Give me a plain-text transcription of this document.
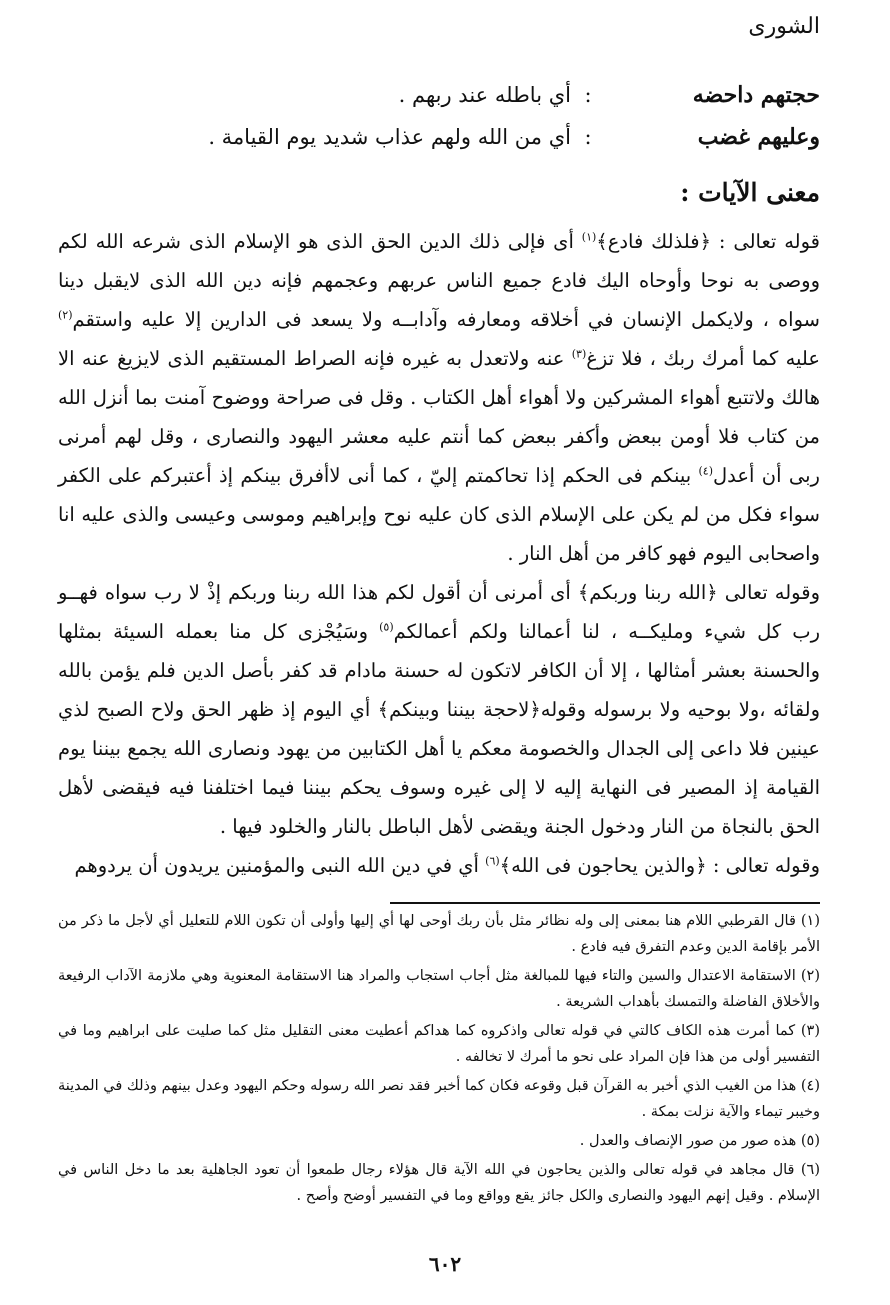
الشورى
حجتهم داحضه
:
أي باطله عند ربهم .
وعليهم غضب
:
أي من الله ولهم عذاب شديد يوم القيامة .
معنى الآيات :

قوله تعالى : ﴿فلذلك فادع﴾$^{(١)}$ أى فإلى ذلك الدين الحق الذى هو الإسلام الذى شرعه الله لكم ووصى به نوحا وأوحاه اليك فادع جميع الناس عربهم وعجمهم فإنه دين الله الذى لايقبل دينا سواه ، ولايكمل الإنسان في أخلاقه ومعارفه وآدابــه ولا يسعد فى الدارين إلا عليه واستقم$^{(٢)}$ عليه كما أمرك ربك ، فلا تزغ$^{(٣)}$ عنه ولاتعدل به غيره فإنه الصراط المستقيم الذى لايزيغ عنه الا هالك ولاتتبع أهواء المشركين ولا أهواء أهل الكتاب . وقل فى صراحة ووضوح آمنت بما أنزل الله من كتاب فلا أومن ببعض وأكفر ببعض كما أنتم عليه معشر اليهود والنصارى ، وقل لهم أمرنى ربى أن أعدل$^{(٤)}$ بينكم فى الحكم إذا تحاكمتم إليّ ، كما أنى لاأفرق بينكم إذ أعتبركم على الكفر سواء فكل من لم يكن على الإسلام الذى كان عليه نوح وإبراهيم وموسى وعيسى والذى عليه انا واصحابى اليوم فهو كافر من أهل النار .

وقوله تعالى ﴿الله ربنا وربكم﴾ أى أمرنى أن أقول لكم هذا الله ربنا وربكم إذْ لا رب سواه فهــو رب كل شيء ومليكــه ، لنا أعمالنا ولكم أعمالكم$^{(٥)}$ وسَيُجْزى كل منا بعمله السيئة بمثلها والحسنة بعشر أمثالها ، إلا أن الكافر لاتكون له حسنة مادام قد كفر بأصل الدين فلم يؤمن بالله ولقائه ،ولا بوحيه ولا برسوله وقوله﴿لاحجة بيننا وبينكم﴾ أي اليوم إذ ظهر الحق ولاح الصبح لذي عينين فلا داعى إلى الجدال والخصومة معكم يا أهل الكتابين من يهود ونصارى الله يجمع بيننا يوم القيامة إذ المصير فى النهاية إليه لا إلى غيره وسوف يحكم بيننا فيما اختلفنا فيه فيقضى لأهل الحق بالنجاة من النار ودخول الجنة ويقضى لأهل الباطل بالنار والخلود فيها .

وقوله تعالى : ﴿والذين يحاجون فى الله﴾$^{(٦)}$ أي في دين الله النبى والمؤمنين يريدون أن يردوهم

(١) قال القرطبي اللام هنا بمعنى إلى وله نظائر مثل بأن ربك أوحى لها أي إليها وأولى أن تكون اللام للتعليل أي لأجل ما ذكر من الأمر بإقامة الدين وعدم التفرق فيه فادع .

(٢) الاستقامة الاعتدال والسين والتاء فيها للمبالغة مثل أجاب استجاب والمراد هنا الاستقامة المعنوية وهي ملازمة الآداب الرفيعة والأخلاق الفاضلة والتمسك بأهداب الشريعة .

(٣) كما أمرت هذه الكاف كالتي في قوله تعالى واذكروه كما هداكم أعطيت معنى التقليل مثل كما صليت على ابراهيم وما في التفسير أولى من هذا فإن المراد على نحو ما أمرك لا تخالفه .

(٤) هذا من الغيب الذي أخبر به القرآن قبل وقوعه فكان كما أخبر فقد نصر الله رسوله وحكم اليهود وعدل بينهم وذلك في المدينة وخيبر تيماء والآية نزلت بمكة .

(٥) هذه صور من صور الإنصاف والعدل .

(٦) قال مجاهد في قوله تعالى والذين يحاجون في الله الآية قال هؤلاء رجال طمعوا أن تعود الجاهلية بعد ما دخل الناس في الإسلام . وقيل إنهم اليهود والنصارى والكل جائز يقع وواقع وما في التفسير أوضح وأصح .

٦٠٢
